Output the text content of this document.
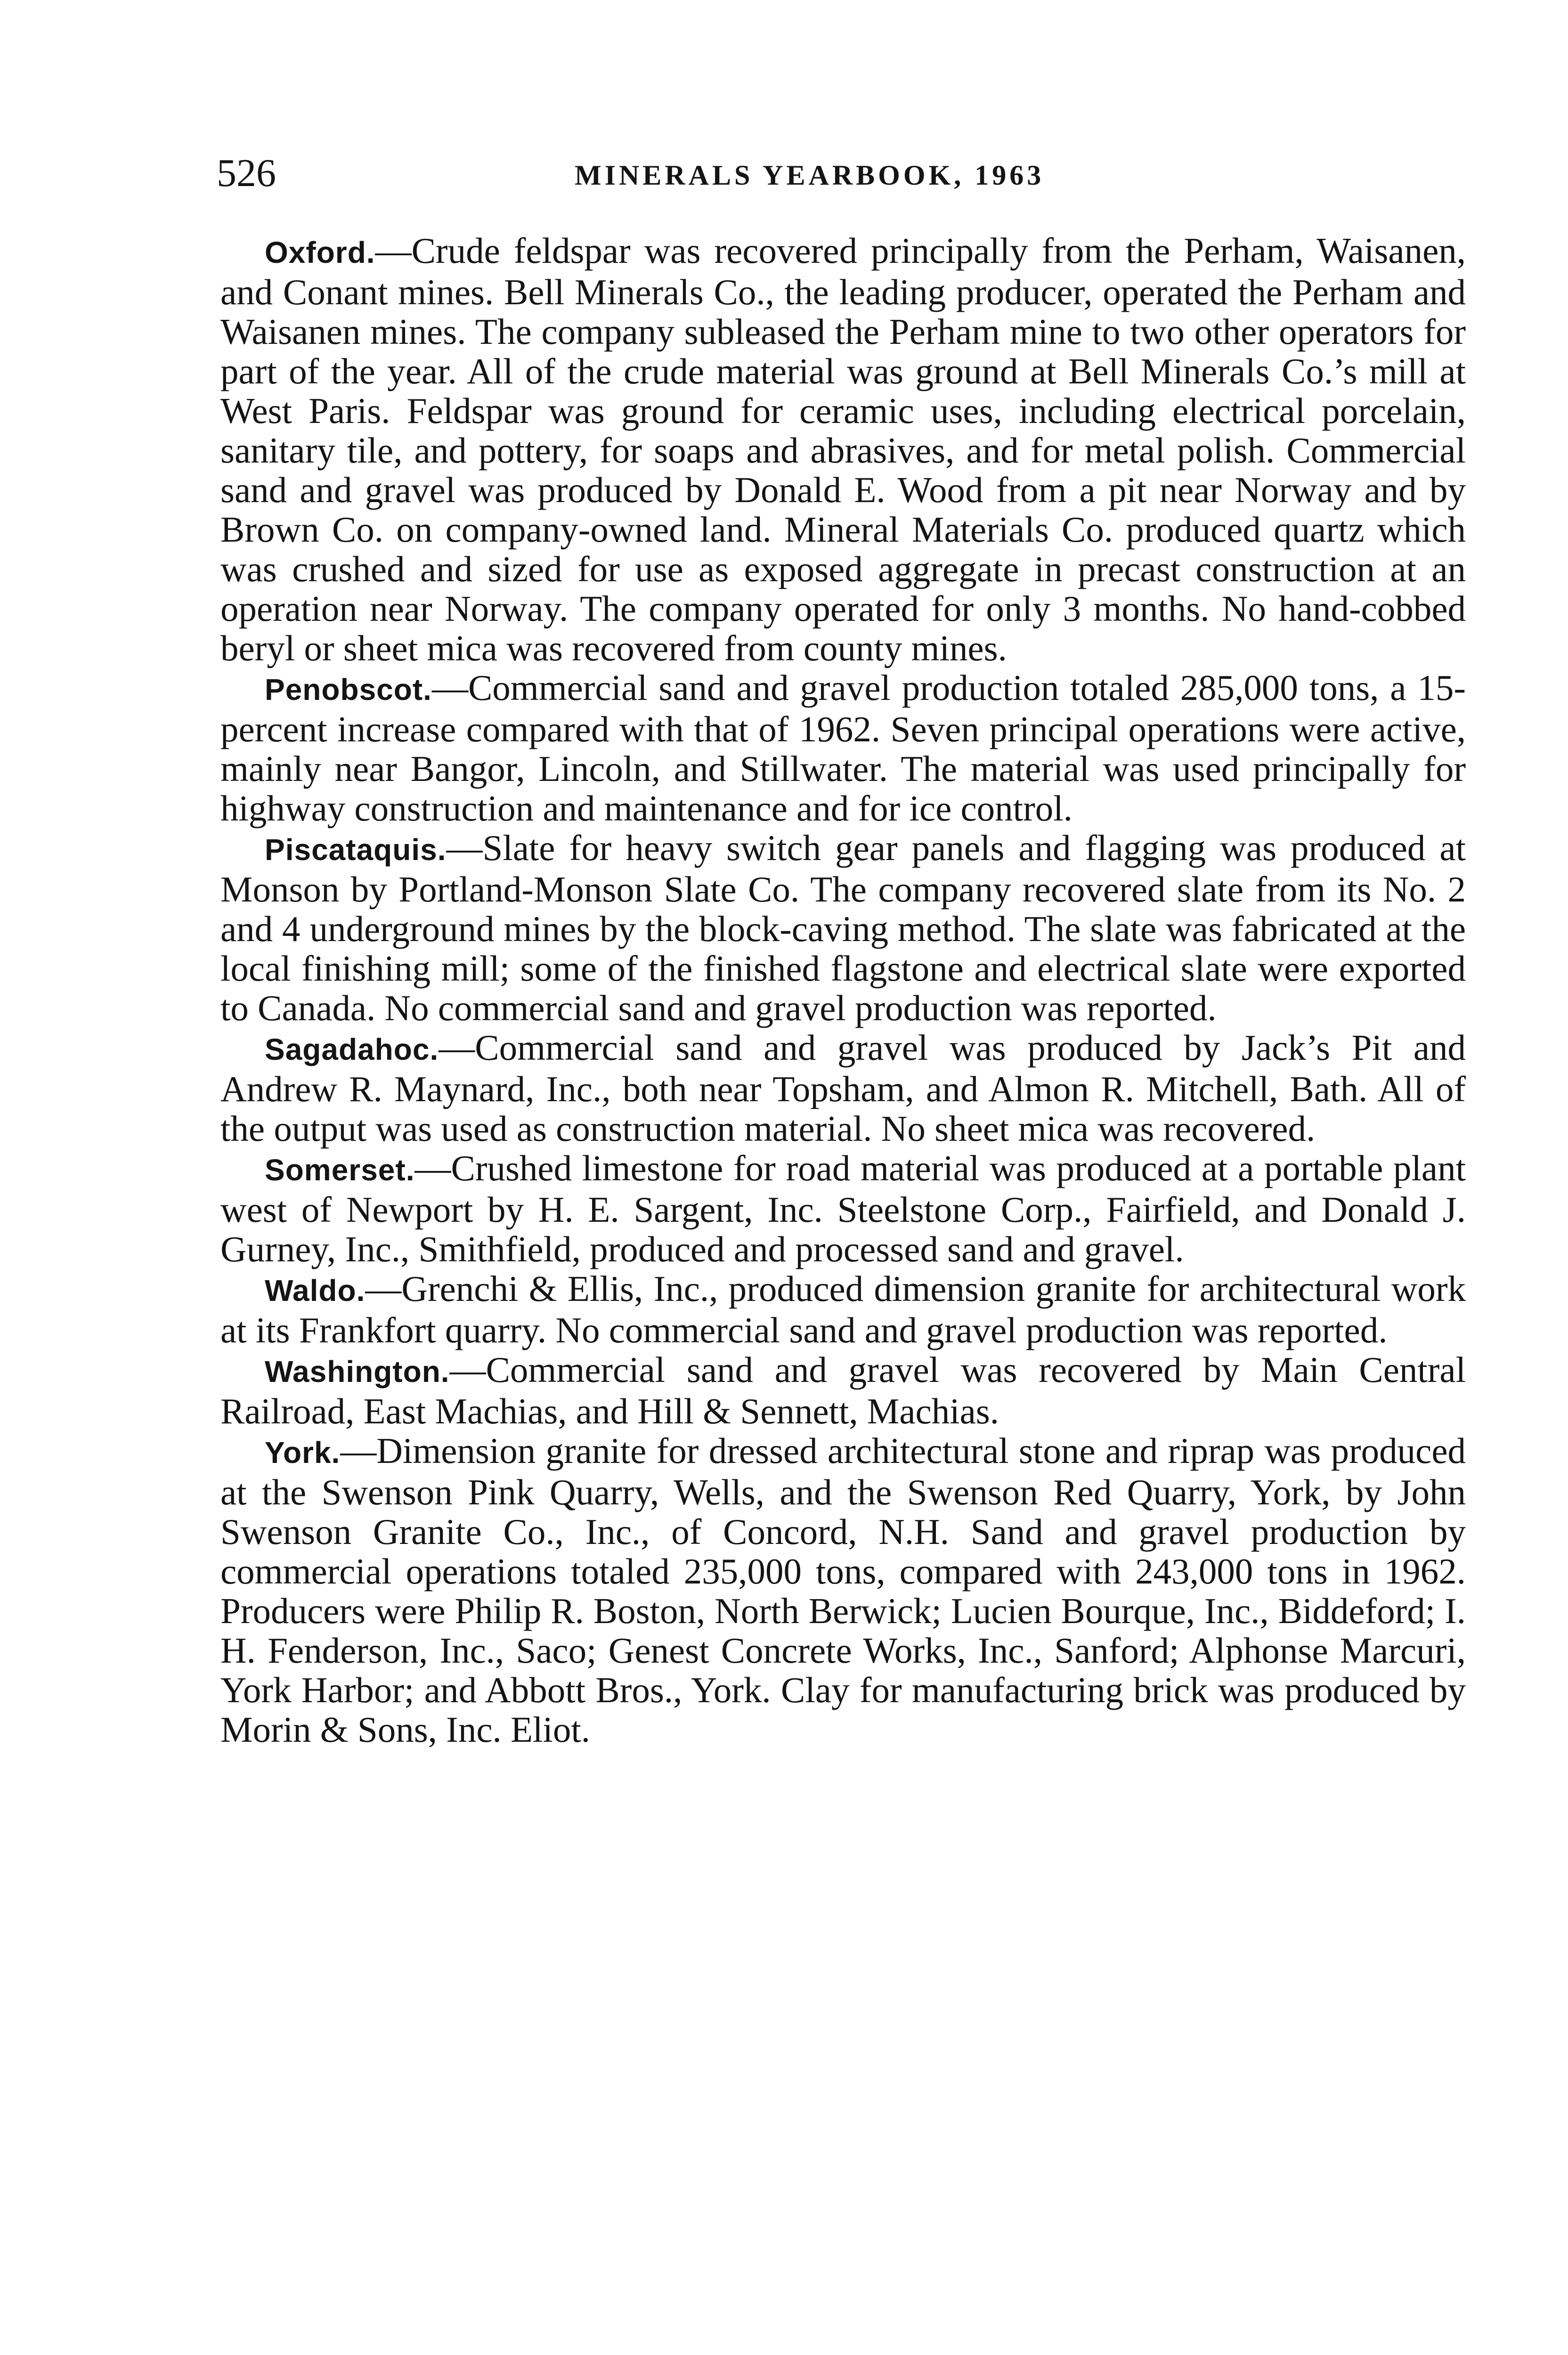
526	MINERALS YEARBOOK, 1963

Oxford.—Crude feldspar was recovered principally from the Perham, Waisanen, and Conant mines. Bell Minerals Co., the leading producer, operated the Perham and Waisanen mines. The company subleased the Perham mine to two other operators for part of the year. All of the crude material was ground at Bell Minerals Co.’s mill at West Paris. Feldspar was ground for ceramic uses, including electrical porcelain, sanitary tile, and pottery, for soaps and abrasives, and for metal polish. Commercial sand and gravel was produced by Donald E. Wood from a pit near Norway and by Brown Co. on company-owned land. Mineral Materials Co. produced quartz which was crushed and sized for use as exposed aggregate in precast construction at an operation near Norway. The company operated for only 3 months. No hand-cobbed beryl or sheet mica was recovered from county mines.

Penobscot.—Commercial sand and gravel production totaled 285,000 tons, a 15-percent increase compared with that of 1962. Seven principal operations were active, mainly near Bangor, Lincoln, and Stillwater. The material was used principally for highway construction and maintenance and for ice control.

Piscataquis.—Slate for heavy switch gear panels and flagging was produced at Monson by Portland-Monson Slate Co. The company recovered slate from its No. 2 and 4 underground mines by the block-caving method. The slate was fabricated at the local finishing mill; some of the finished flagstone and electrical slate were exported to Canada. No commercial sand and gravel production was reported.

Sagadahoc.—Commercial sand and gravel was produced by Jack’s Pit and Andrew R. Maynard, Inc., both near Topsham, and Almon R. Mitchell, Bath. All of the output was used as construction material. No sheet mica was recovered.

Somerset.—Crushed limestone for road material was produced at a portable plant west of Newport by H. E. Sargent, Inc. Steelstone Corp., Fairfield, and Donald J. Gurney, Inc., Smithfield, produced and processed sand and gravel.

Waldo.—Grenchi & Ellis, Inc., produced dimension granite for architectural work at its Frankfort quarry. No commercial sand and gravel production was reported.

Washington.—Commercial sand and gravel was recovered by Main Central Railroad, East Machias, and Hill & Sennett, Machias.

York.—Dimension granite for dressed architectural stone and riprap was produced at the Swenson Pink Quarry, Wells, and the Swenson Red Quarry, York, by John Swenson Granite Co., Inc., of Concord, N.H. Sand and gravel production by commercial operations totaled 235,000 tons, compared with 243,000 tons in 1962. Producers were Philip R. Boston, North Berwick; Lucien Bourque, Inc., Biddeford; I. H. Fenderson, Inc., Saco; Genest Concrete Works, Inc., Sanford; Alphonse Marcuri, York Harbor; and Abbott Bros., York. Clay for manufacturing brick was produced by Morin & Sons, Inc. Eliot.
